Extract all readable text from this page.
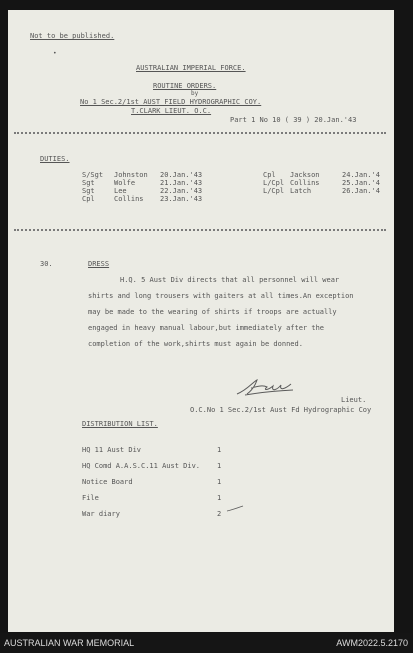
Not to be published.
•
AUSTRALIAN IMPERIAL FORCE.
ROUTINE ORDERS.
by
No 1 Sec.2/1st AUST FIELD HYDROGRAPHIC COY.
T.CLARK LIEUT. O.C.
Part 1 No 10 ( 39 ) 20.Jan.'43
DUTIES.
S/Sgt Johnston 20.Jan.'43
Sgt	Wolfe	21.Jan.'43
Sgt	Lee	22.Jan.'43
Cpl	Collins 23.Jan.'43
Cpl Jackson	24.Jan.'4
L/Cpl Collins	25.Jan.'4
L/Cpl Latch	26.Jan.'4
30.	DRESS
H.Q. 5 Aust Div directs that all personnel will wear
shirts and long trousers with gaiters at all times.An exception
may be made to the wearing of shirts if troops are actually
engaged in heavy manual labour,but immediately after the
completion of the work,shirts must again be donned.
Lieut.
O.C.No 1 Sec.2/1st Aust Fd Hydrographic Coy
DISTRIBUTION LIST.
HQ 11 Aust Div	1
HQ Comd A.A.S.C.11 Aust Div. 1
Notice Board	1
File	1
War diary	2
AUSTRALIAN WAR MEMORIAL	AWM2022.5.2170
